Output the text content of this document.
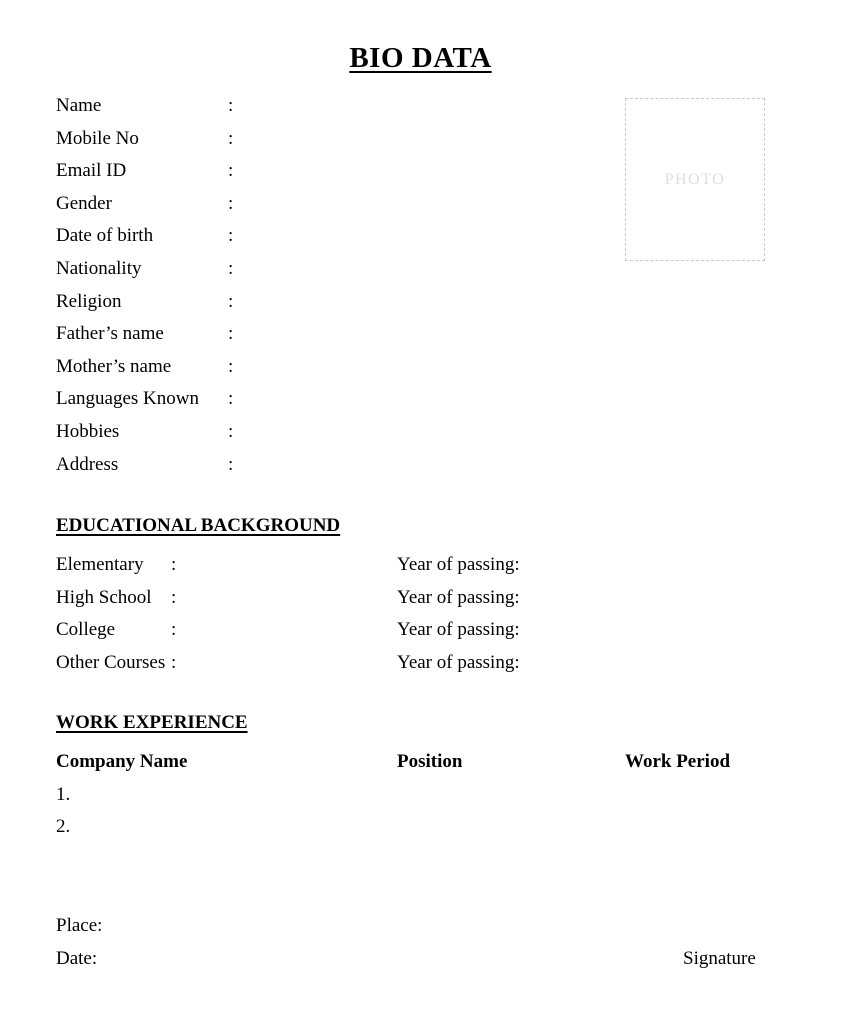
BIO DATA
Name	:
Mobile No	:
Email ID	:
Gender	:
Date of birth	:
Nationality	:
Religion	:
Father’s name	:
Mother’s name	:
Languages Known :
Hobbies	:
Address	:
PHOTO
EDUCATIONAL BACKGROUND
Elementary :	Year of passing:
High School :	Year of passing:
College	:	Year of passing:
Other Courses :	Year of passing:
WORK EXPERIENCE
Company Name	Position	Work Period
1.
2.
Place:
Date:	Signature
